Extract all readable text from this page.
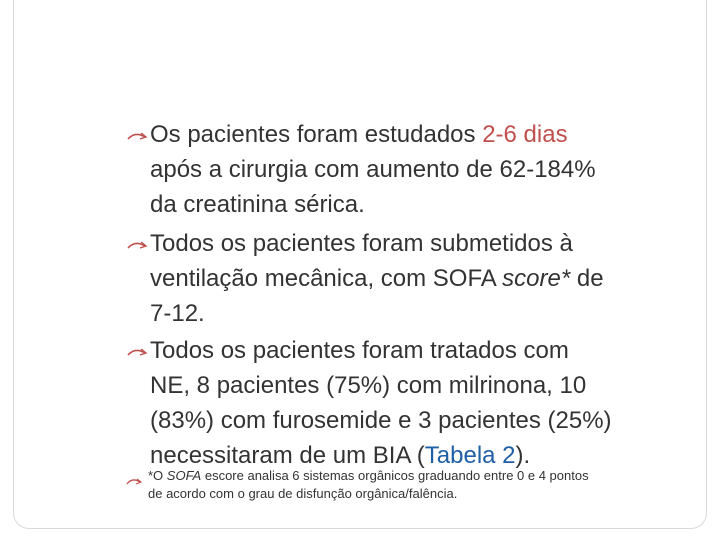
Os pacientes foram estudados 2-6 dias
após a cirurgia com aumento de 62-184%
da creatinina sérica.
Todos os pacientes foram submetidos à
ventilação mecânica, com SOFA score* de
7-12.
Todos os pacientes foram tratados com
NE, 8 pacientes (75%) com milrinona, 10
(83%) com furosemide e 3 pacientes (25%)
necessitaram de um BIA (Tabela 2).
*O SOFA escore analisa 6 sistemas orgânicos graduando entre 0 e 4 pontos
de acordo com o grau de disfunção orgânica/falência.
